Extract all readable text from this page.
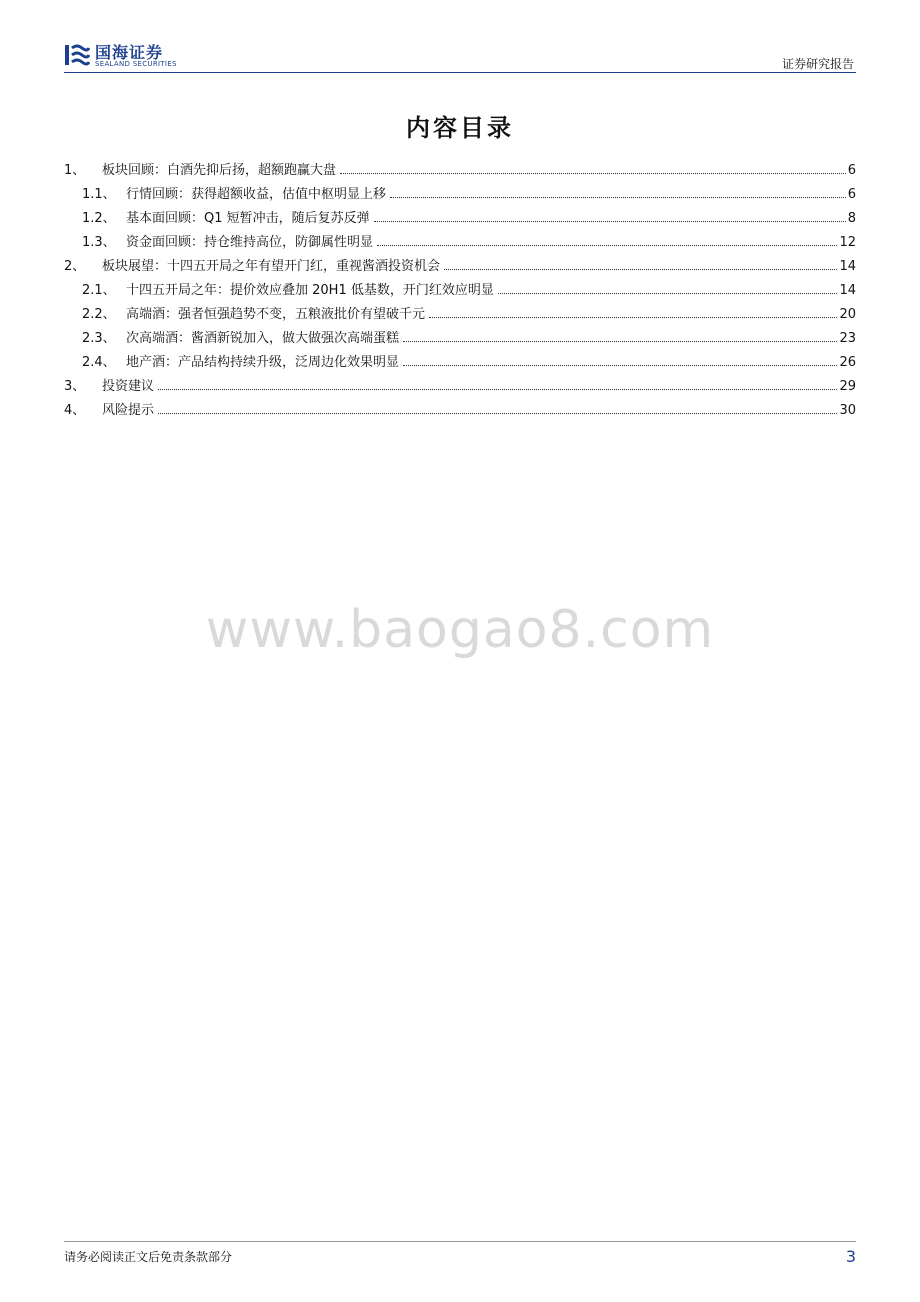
国海证券
SEALAND SECURITIES	证券研究报告
内容目录
1、	板块回顾：白酒先抑后扬，超额跑赢大盘	6
1.1、 行情回顾：获得超额收益，估值中枢明显上移	6
1.2、 基本面回顾：Q1 短暂冲击，随后复苏反弹	8
1.3、 资金面回顾：持仓维持高位，防御属性明显	12
2、	板块展望：十四五开局之年有望开门红，重视酱酒投资机会	14
2.1、 十四五开局之年：提价效应叠加 20H1 低基数，开门红效应明显	14
2.2、 高端酒：强者恒强趋势不变，五粮液批价有望破千元	20
2.3、 次高端酒：酱酒新锐加入，做大做强次高端蛋糕	23
2.4、 地产酒：产品结构持续升级，泛周边化效果明显	26
3、	投资建议	29
4、	风险提示	30
www.baogao8.com
请务必阅读正文后免责条款部分	3
